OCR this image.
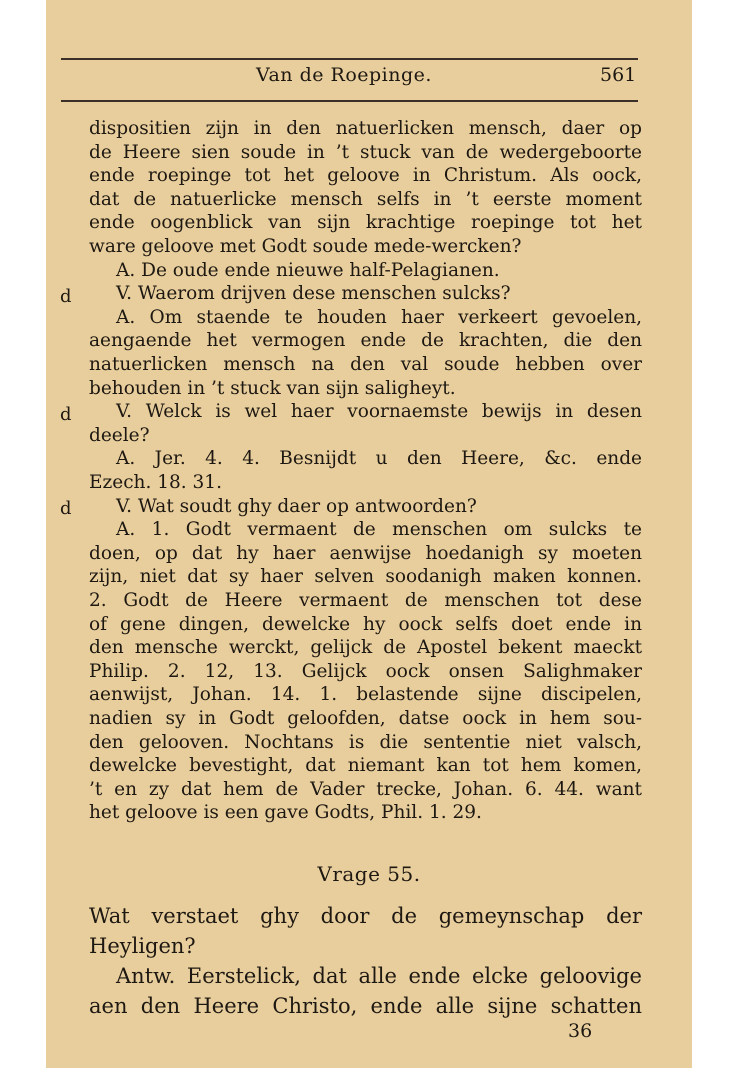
Van de Roepinge.	561
d
d
d
dispositien zijn in den natuerlicken mensch, daer op
de Heere sien soude in ’t stuck van de wedergeboorte
ende roepinge tot het geloove in Christum. Als oock,
dat de natuerlicke mensch selfs in ’t eerste moment
ende oogenblick van sijn krachtige roepinge tot het
ware geloove met Godt soude mede-wercken?
A. De oude ende nieuwe half-Pelagianen.
V. Waerom drijven dese menschen sulcks?
A. Om staende te houden haer verkeert gevoelen,
aengaende het vermogen ende de krachten, die den
natuerlicken mensch na den val soude hebben over
behouden in ’t stuck van sijn saligheyt.
V. Welck is wel haer voornaemste bewijs in desen
deele?
A. Jer. 4. 4. Besnijdt u den Heere, &c. ende
Ezech. 18. 31.
V. Wat soudt ghy daer op antwoorden?
A. 1. Godt vermaent de menschen om sulcks te
doen, op dat hy haer aenwijse hoedanigh sy moeten
zijn, niet dat sy haer selven soodanigh maken konnen.
2. Godt de Heere vermaent de menschen tot dese
of gene dingen, dewelcke hy oock selfs doet ende in
den mensche werckt, gelijck de Apostel bekent maeckt
Philip. 2. 12, 13. Gelijck oock onsen Salighmaker
aenwijst, Johan. 14. 1. belastende sijne discipelen,
nadien sy in Godt geloofden, datse oock in hem sou-
den gelooven. Nochtans is die sententie niet valsch,
dewelcke bevestight, dat niemant kan tot hem komen,
’t en zy dat hem de Vader trecke, Johan. 6. 44. want
het geloove is een gave Godts, Phil. 1. 29.
Vrage 55.
Wat verstaet ghy door de gemeynschap der
Heyligen?
Antw. Eerstelick, dat alle ende elcke geloovige
aen den Heere Christo, ende alle sijne schatten
36
